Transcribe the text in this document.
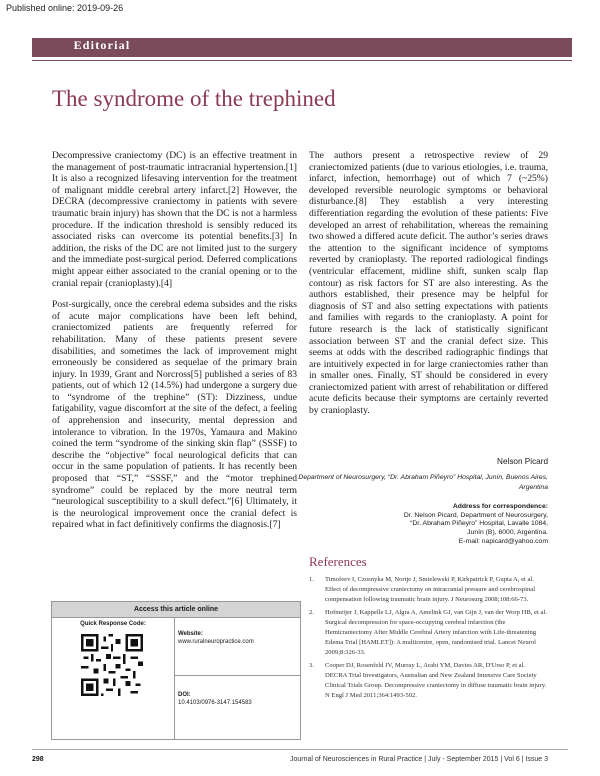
Published online: 2019-09-26
Editorial
The syndrome of the trephined

Decompressive craniectomy (DC) is an effective treatment in the management of post-traumatic intracranial hypertension.[1] It is also a recognized lifesaving intervention for the treatment of malignant middle cerebral artery infarct.[2] However, the DECRA (decompressive craniectomy in patients with severe traumatic brain injury) has shown that the DC is not a harmless procedure. If the indication threshold is sensibly reduced its associated risks can overcome its potential benefits.[3] In addition, the risks of the DC are not limited just to the surgery and the immediate post-surgical period. Deferred complications might appear either associated to the cranial opening or to the cranial repair (cranioplasty).[4]

Post-surgically, once the cerebral edema subsides and the risks of acute major complications have been left behind, craniectomized patients are frequently referred for rehabilitation. Many of these patients present severe disabilities, and sometimes the lack of improvement might erroneously be considered as sequelae of the primary brain injury. In 1939, Grant and Norcross[5] published a series of 83 patients, out of which 12 (14.5%) had undergone a surgery due to “syndrome of the trephine” (ST): Dizziness, undue fatigability, vague discomfort at the site of the defect, a feeling of apprehension and insecurity, mental depression and intolerance to vibration. In the 1970s, Yamaura and Makino coined the term “syndrome of the sinking skin flap” (SSSF) to describe the “objective” focal neurological deficits that can occur in the same population of patients. It has recently been proposed that “ST,” “SSSF,” and the “motor trephined syndrome” could be replaced by the more neutral term “neurological susceptibility to a skull defect.”[6] Ultimately, it is the neurological improvement once the cranial defect is repaired what in fact definitively confirms the diagnosis.[7]

The authors present a retrospective review of 29 craniectomized patients (due to various etiologies, i.e. trauma, infarct, infection, hemorrhage) out of which 7 (~25%) developed reversible neurologic symptoms or behavioral disturbance.[8] They establish a very interesting differentiation regarding the evolution of these patients: Five developed an arrest of rehabilitation, whereas the remaining two showed a differed acute deficit. The author’s series draws the attention to the significant incidence of symptoms reverted by cranioplasty. The reported radiological findings (ventricular effacement, midline shift, sunken scalp flap contour) as risk factors for ST are also interesting. As the authors established, their presence may be helpful for diagnosis of ST and also setting expectations with patients and families with regards to the cranioplasty. A point for future research is the lack of statistically significant association between ST and the cranial defect size. This seems at odds with the described radiographic findings that are intuitively expected in for large craniectomies rather than in smaller ones. Finally, ST should be considered in every craniectomized patient with arrest of rehabilitation or differed acute deficits because their symptoms are certainly reverted by cranioplasty.

Nelson Picard
Department of Neurosurgery, “Dr. Abraham Piñeyro” Hospital, Junín, Buenos Aires, Argentina
Address for correspondence:
Dr. Nelson Picard, Department of Neurosurgery,
“Dr. Abraham Piñeyro” Hospital, Lavalle 1084,
Junín (B), 6000, Argentina.
E-mail: napicard@yahoo.com
References
1. Timofeev I, Czosnyka M, Nortje J, Smielewski P, Kirkpatrick P, Gupta A, et al. Effect of decompressive craniectomy on intracranial pressure and cerebrospinal compensation following traumatic brain injury. J Neurosurg 2008;108:66-73.
2. Hofmeijer J, Kappelle LJ, Algra A, Amelink GJ, van Gijn J, van der Worp HB, et al. Surgical decompression for space-occupying cerebral infarction (the Hemicraniectomy After Middle Cerebral Artery infarction with Life-threatening Edema Trial [HAMLET]): A multicentre, open, randomised trial. Lancet Neurol 2009;8:326-33.
3. Cooper DJ, Rosenfeld JV, Murray L, Arabi YM, Davies AR, D'Urso P, et al. DECRA Trial Investigators, Australian and New Zealand Intensive Care Society Clinical Trials Group. Decompressive craniectomy in diffuse traumatic brain injury. N Engl J Med 2011;364:1493-502.
Access this article online
Quick Response Code:
Website:
www.ruralneuropractice.com
DOI:
10.4103/0976-3147.154583
298	Journal of Neurosciences in Rural Practice | July - September 2015 | Vol 6 | Issue 3
